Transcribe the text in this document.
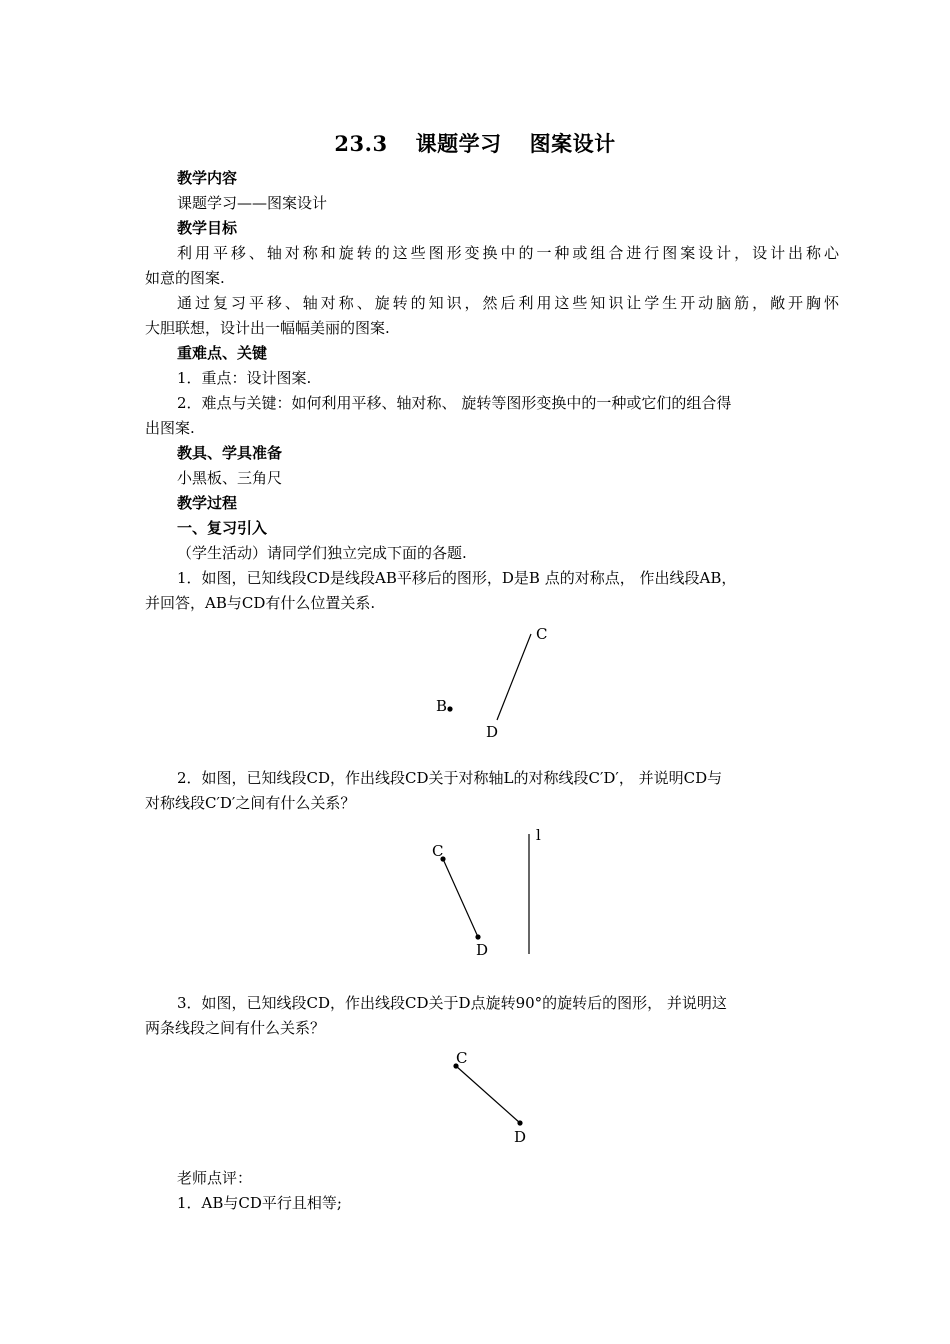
23.3 课题学习 图案设计
教学内容
课题学习——图案设计
教学目标
利用平移、轴对称和旋转的这些图形变换中的一种或组合进行图案设计，设计出称心
如意的图案.
通过复习平移、轴对称、旋转的知识，然后利用这些知识让学生开动脑筋，敞开胸怀
大胆联想，设计出一幅幅美丽的图案.
重难点、关键
1．重点：设计图案.
2．难点与关键：如何利用平移、轴对称、 旋转等图形变换中的一种或它们的组合得
出图案.
教具、学具准备
小黑板、三角尺
教学过程
一、复习引入
（学生活动）请同学们独立完成下面的各题.
1．如图，已知线段CD是线段AB平移后的图形，D是B 点的对称点， 作出线段AB，
并回答，AB与CD有什么位置关系.
2．如图，已知线段CD，作出线段CD关于对称轴L的对称线段C′D′， 并说明CD与
对称线段C′D′之间有什么关系？
3．如图，已知线段CD，作出线段CD关于D点旋转90°的旋转后的图形， 并说明这
两条线段之间有什么关系？
老师点评：
1．AB与CD平行且相等;
C
B
D
C
D
l
C
D
